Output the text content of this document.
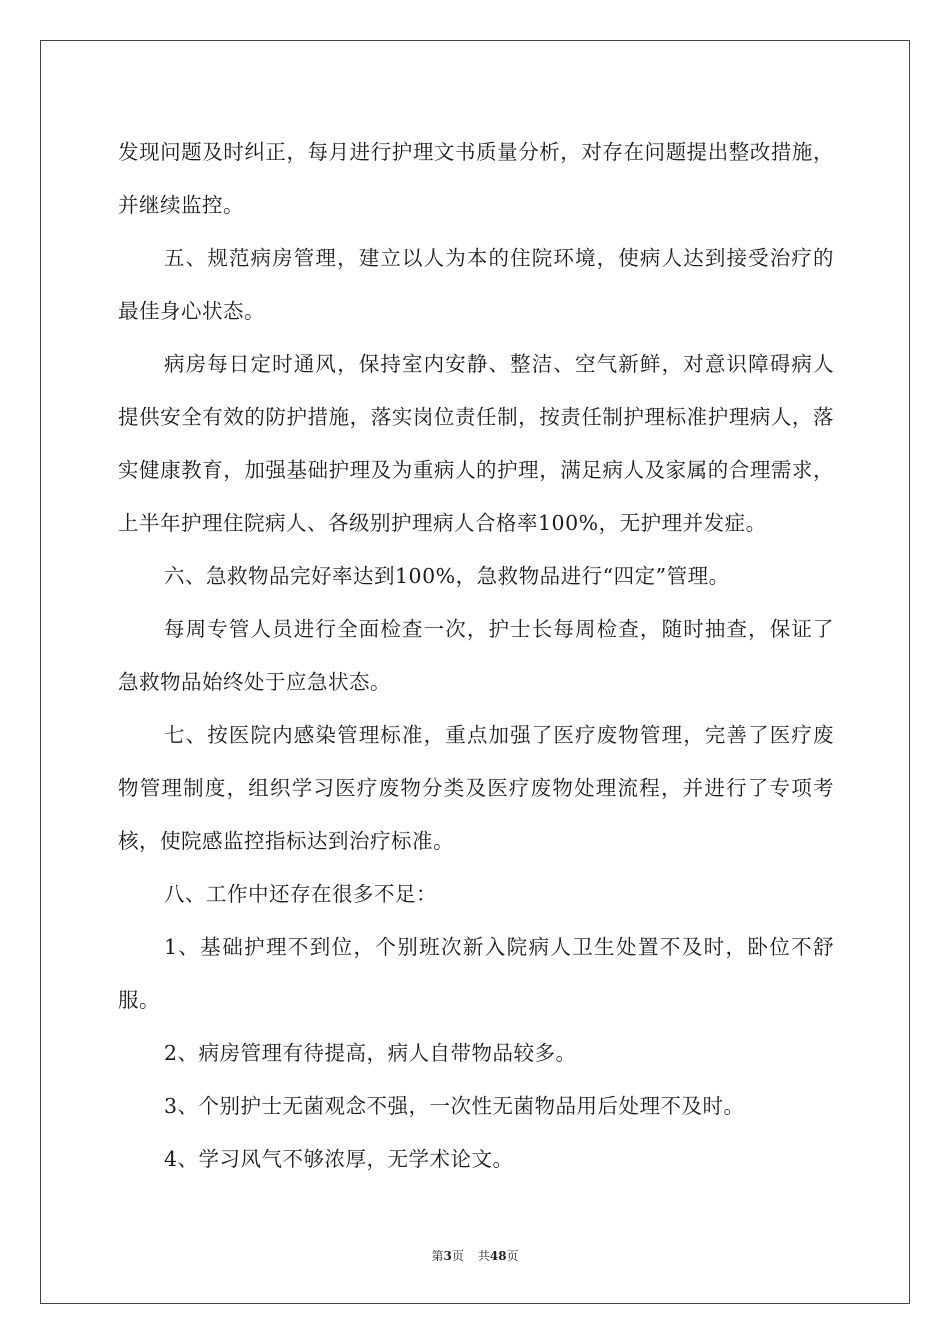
发现问题及时纠正，每月进行护理文书质量分析，对存在问题提出整改措施，并继续监控。

五、规范病房管理，建立以人为本的住院环境，使病人达到接受治疗的最佳身心状态。

病房每日定时通风，保持室内安静、整洁、空气新鲜，对意识障碍病人提供安全有效的防护措施，落实岗位责任制，按责任制护理标准护理病人，落实健康教育，加强基础护理及为重病人的护理，满足病人及家属的合理需求，上半年护理住院病人、各级别护理病人合格率100%，无护理并发症。

六、急救物品完好率达到100%，急救物品进行“四定”管理。

每周专管人员进行全面检查一次，护士长每周检查，随时抽查，保证了急救物品始终处于应急状态。

七、按医院内感染管理标准，重点加强了医疗废物管理，完善了医疗废物管理制度，组织学习医疗废物分类及医疗废物处理流程，并进行了专项考核，使院感监控指标达到治疗标准。

八、工作中还存在很多不足：

1、基础护理不到位，个别班次新入院病人卫生处置不及时，卧位不舒服。

2、病房管理有待提高，病人自带物品较多。

3、个别护士无菌观念不强，一次性无菌物品用后处理不及时。

4、学习风气不够浓厚，无学术论文。

第3页 共48页
